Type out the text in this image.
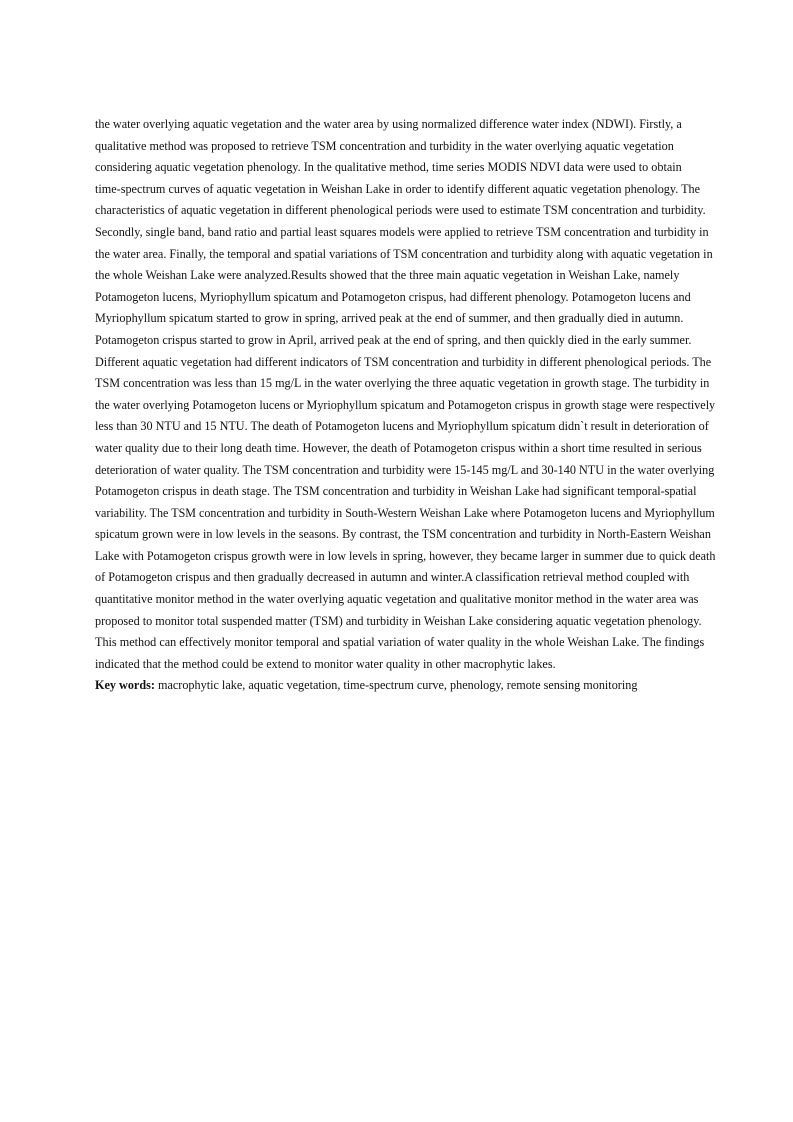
the water overlying aquatic vegetation and the water area by using normalized difference water index (NDWI). Firstly, a
qualitative method was proposed to retrieve TSM concentration and turbidity in the water overlying aquatic vegetation
considering aquatic vegetation phenology. In the qualitative method, time series MODIS NDVI data were used to obtain
time-spectrum curves of aquatic vegetation in Weishan Lake in order to identify different aquatic vegetation phenology. The
characteristics of aquatic vegetation in different phenological periods were used to estimate TSM concentration and turbidity.
Secondly, single band, band ratio and partial least squares models were applied to retrieve TSM concentration and turbidity in
the water area. Finally, the temporal and spatial variations of TSM concentration and turbidity along with aquatic vegetation in
the whole Weishan Lake were analyzed.Results showed that the three main aquatic vegetation in Weishan Lake, namely
Potamogeton lucens, Myriophyllum spicatum and Potamogeton crispus, had different phenology. Potamogeton lucens and
Myriophyllum spicatum started to grow in spring, arrived peak at the end of summer, and then gradually died in autumn.
Potamogeton crispus started to grow in April, arrived peak at the end of spring, and then quickly died in the early summer.
Different aquatic vegetation had different indicators of TSM concentration and turbidity in different phenological periods. The
TSM concentration was less than 15 mg/L in the water overlying the three aquatic vegetation in growth stage. The turbidity in
the water overlying Potamogeton lucens or Myriophyllum spicatum and Potamogeton crispus in growth stage were respectively
less than 30 NTU and 15 NTU. The death of Potamogeton lucens and Myriophyllum spicatum didn`t result in deterioration of
water quality due to their long death time. However, the death of Potamogeton crispus within a short time resulted in serious
deterioration of water quality. The TSM concentration and turbidity were 15-145 mg/L and 30-140 NTU in the water overlying
Potamogeton crispus in death stage. The TSM concentration and turbidity in Weishan Lake had significant temporal-spatial
variability. The TSM concentration and turbidity in South-Western Weishan Lake where Potamogeton lucens and Myriophyllum
spicatum grown were in low levels in the seasons. By contrast, the TSM concentration and turbidity in North-Eastern Weishan
Lake with Potamogeton crispus growth were in low levels in spring, however, they became larger in summer due to quick death
of Potamogeton crispus and then gradually decreased in autumn and winter.A classification retrieval method coupled with
quantitative monitor method in the water overlying aquatic vegetation and qualitative monitor method in the water area was
proposed to monitor total suspended matter (TSM) and turbidity in Weishan Lake considering aquatic vegetation phenology.
This method can effectively monitor temporal and spatial variation of water quality in the whole Weishan Lake. The findings
indicated that the method could be extend to monitor water quality in other macrophytic lakes.
Key words: macrophytic lake, aquatic vegetation, time-spectrum curve, phenology, remote sensing monitoring
